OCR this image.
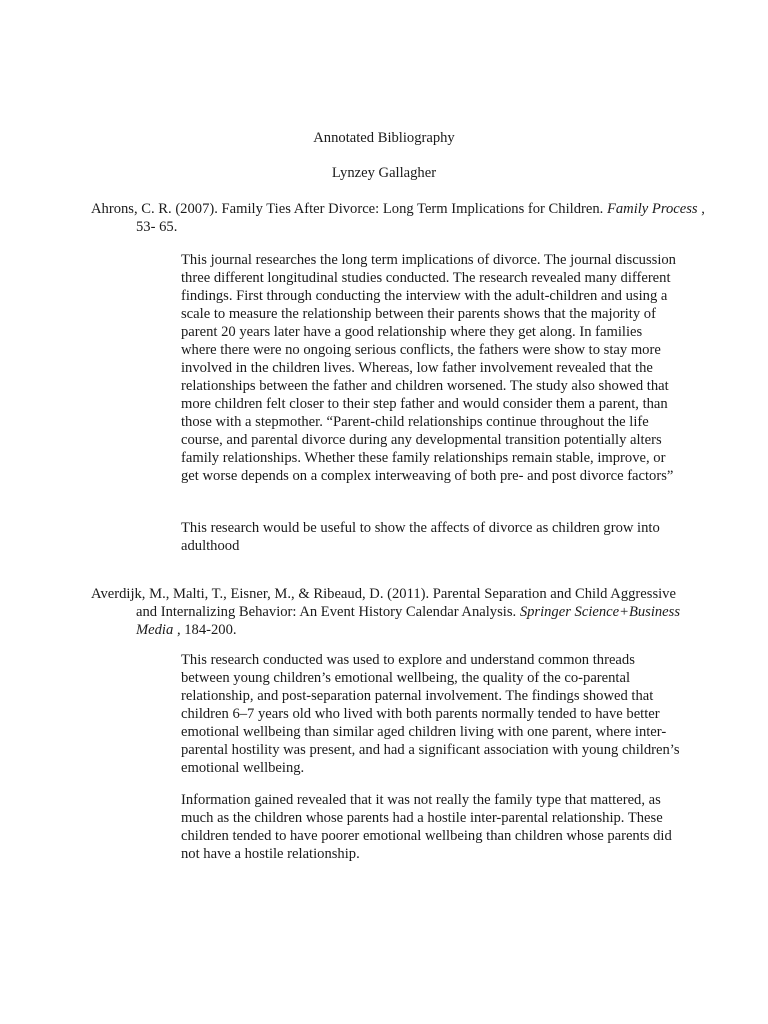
Annotated Bibliography
Lynzey Gallagher
Ahrons, C. R. (2007). Family Ties After Divorce: Long Term Implications for Children. Family Process , 53- 65.
This journal researches the long term implications of divorce. The journal discussion three different longitudinal studies conducted. The research revealed many different findings. First through conducting the interview with the adult-children and using a scale to measure the relationship between their parents shows that the majority of parent 20 years later have a good relationship where they get along. In families where there were no ongoing serious conflicts, the fathers were show to stay more involved in the children lives. Whereas, low father involvement revealed that the relationships between the father and children worsened. The study also showed that more children felt closer to their step father and would consider them a parent, than those with a stepmother. “Parent-child relationships continue throughout the life course, and parental divorce during any developmental transition potentially alters family relationships. Whether these family relationships remain stable, improve, or get worse depends on a complex interweaving of both pre- and post divorce factors”
This research would be useful to show the affects of divorce as children grow into adulthood
Averdijk, M., Malti, T., Eisner, M., & Ribeaud, D. (2011). Parental Separation and Child Aggressive and Internalizing Behavior: An Event History Calendar Analysis. Springer Science+Business Media , 184-200.
This research conducted was used to explore and understand common threads between young children’s emotional wellbeing, the quality of the co-parental relationship, and post-separation paternal involvement. The findings showed that children 6–7 years old who lived with both parents normally tended to have better emotional wellbeing than similar aged children living with one parent, where inter-parental hostility was present, and had a significant association with young children’s emotional wellbeing.
Information gained revealed that it was not really the family type that mattered, as much as the children whose parents had a hostile inter-parental relationship. These children tended to have poorer emotional wellbeing than children whose parents did not have a hostile relationship.
